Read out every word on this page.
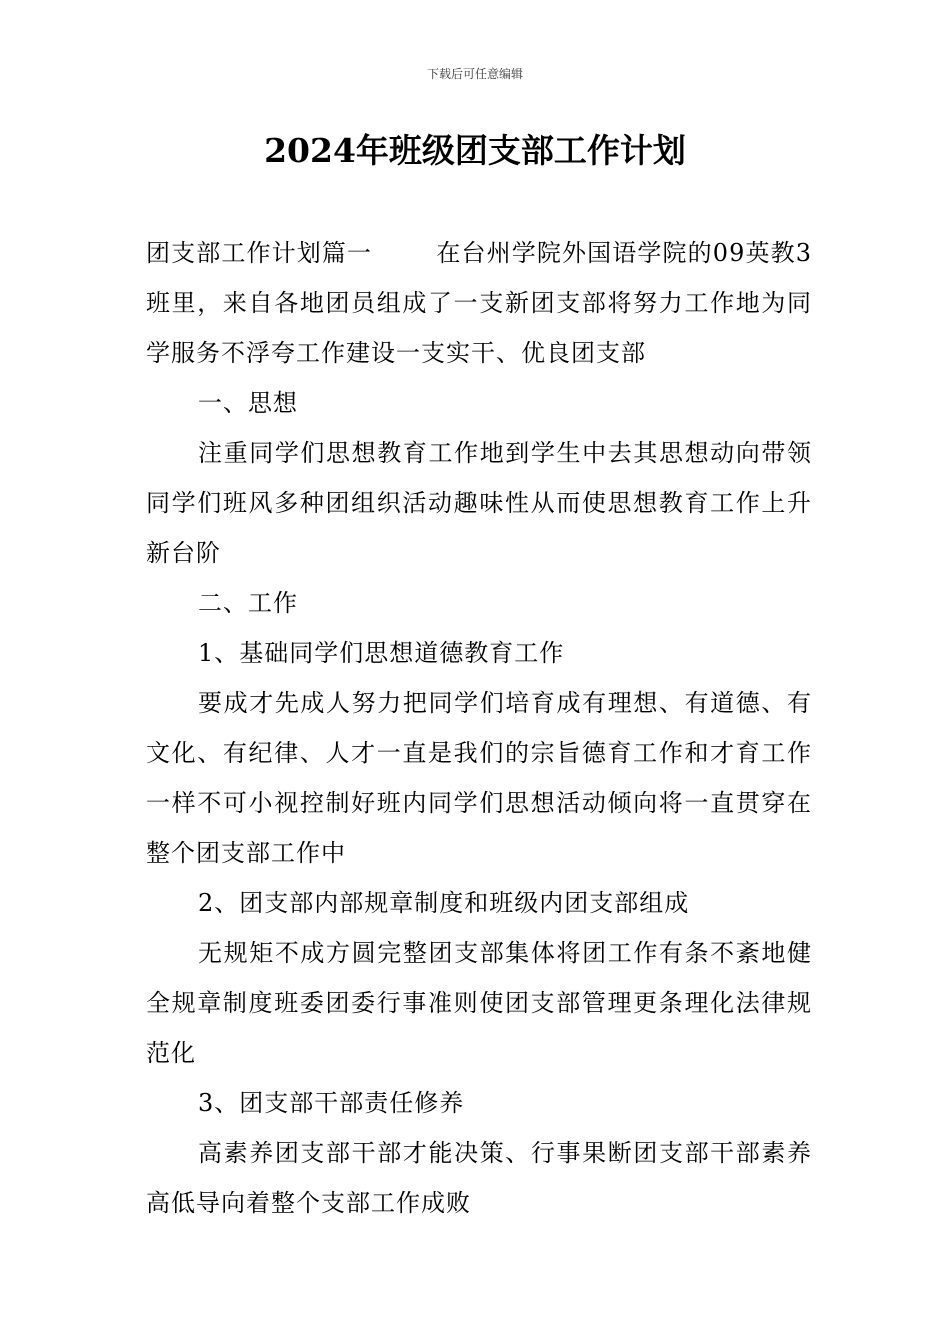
下载后可任意编辑
2024年班级团支部工作计划

团支部工作计划篇一	在台州学院外国语学院的09英教3班里，来自各地团员组成了一支新团支部将努力工作地为同学服务不浮夸工作建设一支实干、优良团支部

一、思想

注重同学们思想教育工作地到学生中去其思想动向带领同学们班风多种团组织活动趣味性从而使思想教育工作上升新台阶

二、工作

1、基础同学们思想道德教育工作

要成才先成人努力把同学们培育成有理想、有道德、有文化、有纪律、人才一直是我们的宗旨德育工作和才育工作一样不可小视控制好班内同学们思想活动倾向将一直贯穿在整个团支部工作中

2、团支部内部规章制度和班级内团支部组成

无规矩不成方圆完整团支部集体将团工作有条不紊地健全规章制度班委团委行事准则使团支部管理更条理化法律规范化

3、团支部干部责任修养

高素养团支部干部才能决策、行事果断团支部干部素养高低导向着整个支部工作成败
